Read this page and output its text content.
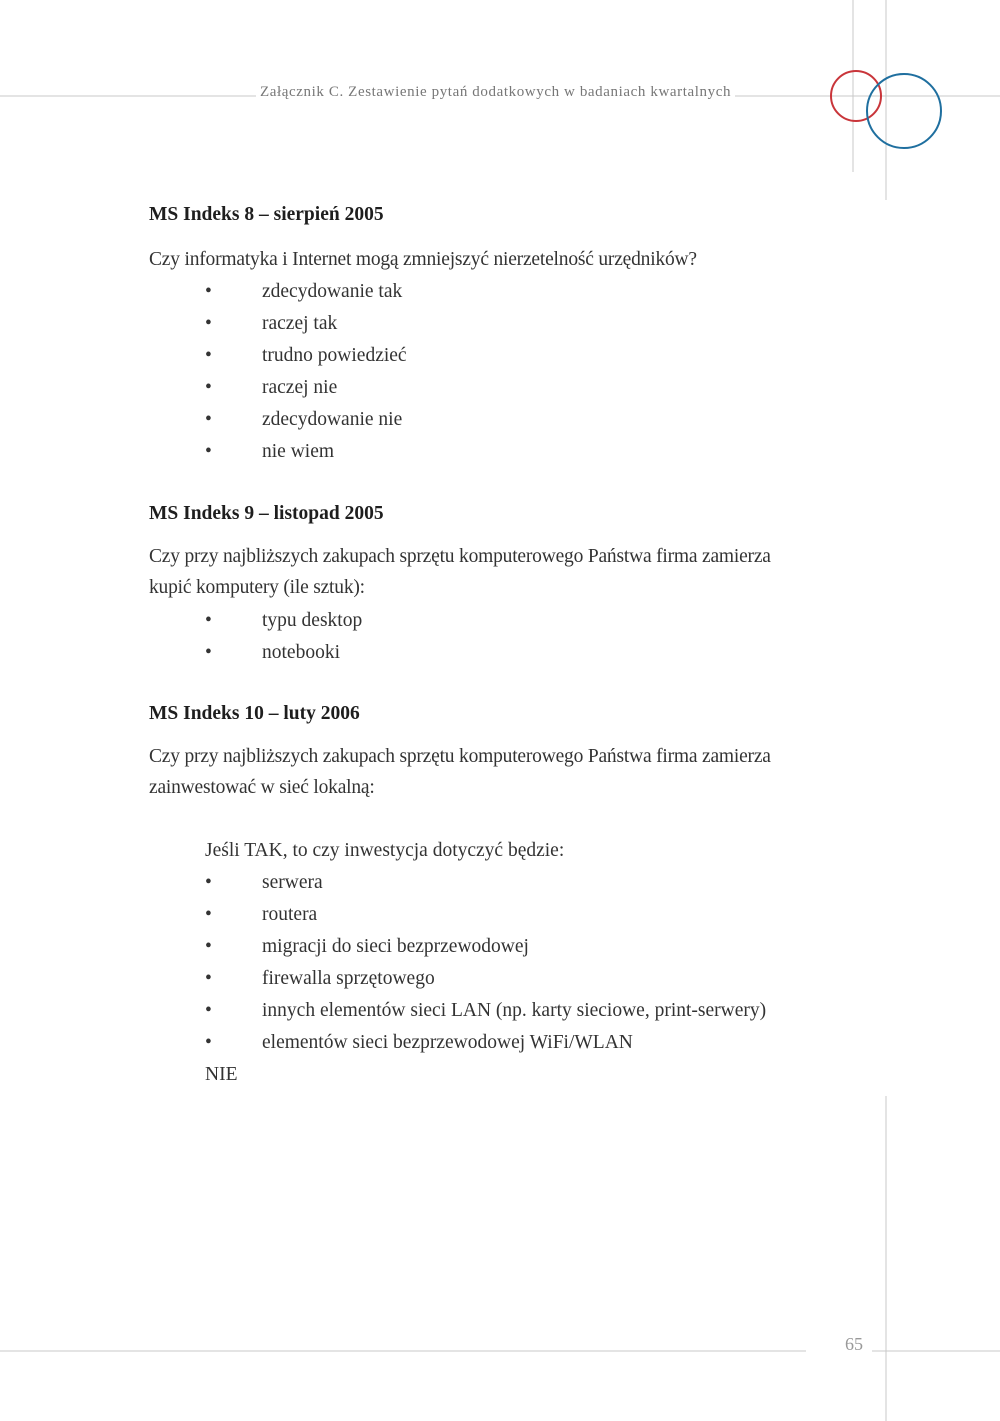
Załącznik C. Zestawienie pytań dodatkowych w badaniach kwartalnych
MS Indeks 8 – sierpień 2005
Czy informatyka i Internet mogą zmniejszyć nierzetelność urzędników?
•	zdecydowanie tak
•	raczej tak
•	trudno powiedzieć
•	raczej nie
•	zdecydowanie nie
•	nie wiem
MS Indeks 9 – listopad 2005
Czy przy najbliższych zakupach sprzętu komputerowego Państwa firma zamierza
kupić komputery (ile sztuk):
•	typu desktop
•	notebooki
MS Indeks 10 – luty 2006
Czy przy najbliższych zakupach sprzętu komputerowego Państwa firma zamierza
zainwestować w sieć lokalną:
Jeśli TAK, to czy inwestycja dotyczyć będzie:
•	serwera
•	routera
•	migracji do sieci bezprzewodowej
•	firewalla sprzętowego
•	innych elementów sieci LAN (np. karty sieciowe, print-serwery)
•	elementów sieci bezprzewodowej WiFi/WLAN
NIE
65
